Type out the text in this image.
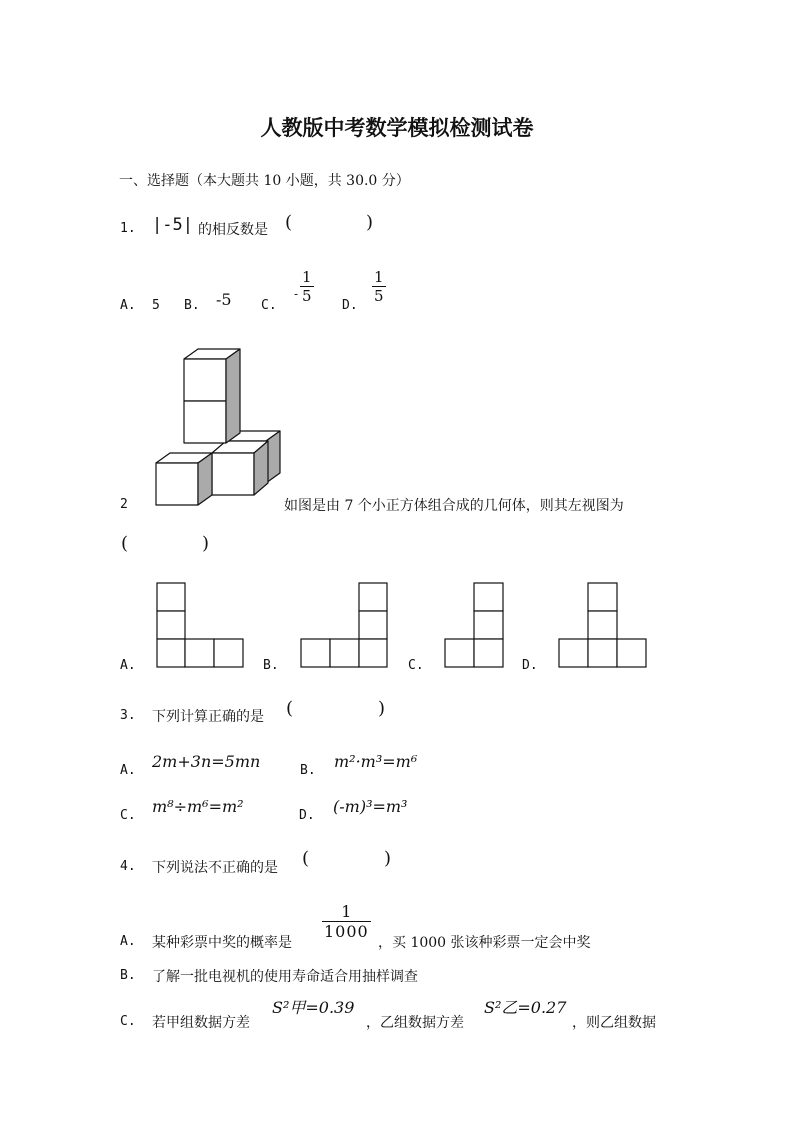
人教版中考数学模拟检测试卷
一、选择题（本大题共 10 小题，共 30.0 分）
1. |-5| 的相反数是 (	)
A. 5 B. -5 C.
- $\frac{1}{5}$
D.
$\frac{1}{5}$
2	如图是由 7 个小正方体组合成的几何体，则其左视图为
(	)
A.	B.	C.	D.
3. 下列计算正确的是 (	)
A. 2m+3n=5mn	B. m²·m³=m⁶
C. m⁸÷m⁶=m²	D. (-m)³=m³
4. 下列说法不正确的是 (	)
A. 某种彩票中奖的概率是
$\frac{1}{1000}$
，买 1000 张该种彩票一定会中奖
B. 了解一批电视机的使用寿命适合用抽样调查
C. 若甲组数据方差
S²甲=0.39
，乙组数据方差
S²乙=0.27
，则乙组数据
